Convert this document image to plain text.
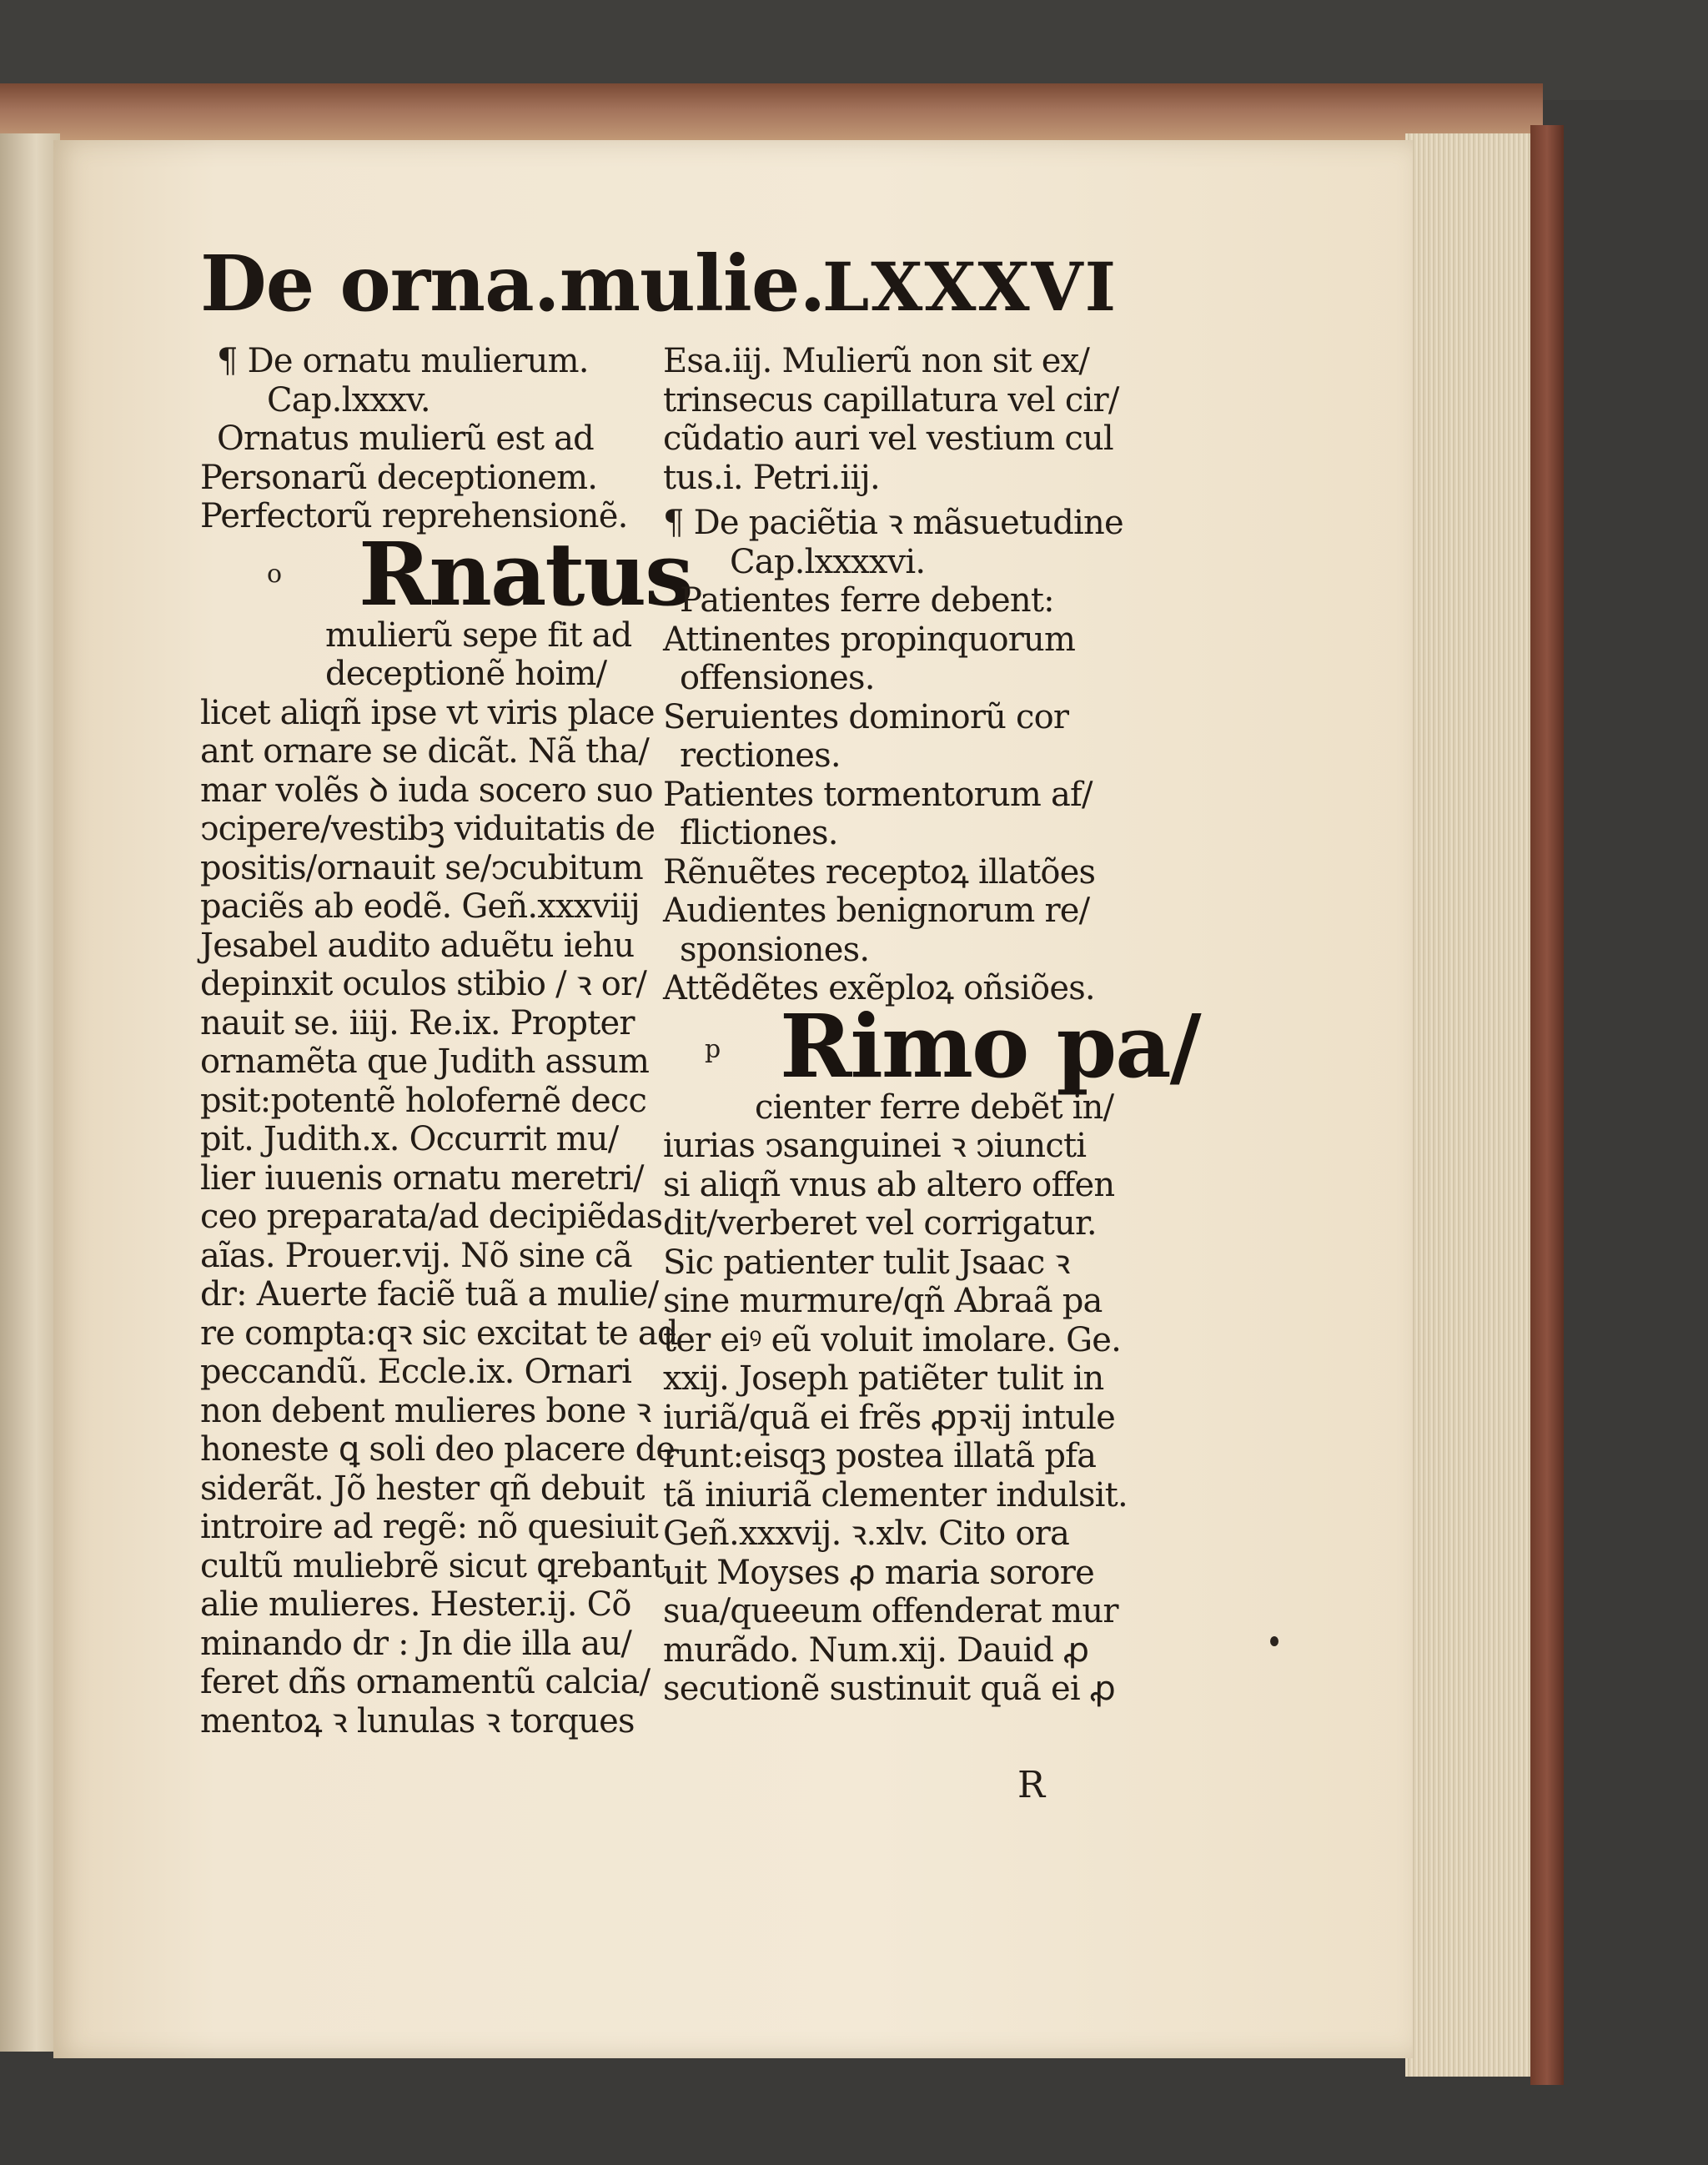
De orna.mulie.
LXXXVI
¶ De ornatu mulierum.
Cap.lxxxv.
Ornatus mulierũ est ad
Personarũ deceptionem.
Perfectorũ reprehensionẽ.
o Rnatus
mulierũ sepe fit ad
deceptionẽ hoim/
licet aliqñ ipse vt viris place
ant ornare se dicãt. Nã tha/
mar volẽs ꝺ iuda socero suo
ↄcipere/vestibꝫ viduitatis de
positis/ornauit se/ↄcubitum
paciẽs ab eodẽ. Geñ.xxxviij
Jesabel audito aduẽtu iehu
depinxit oculos stibio / ꝛ or/
nauit se. iiij. Re.ix. Propter
ornamẽta que Judith assum
psit:potentẽ holofernẽ decc
pit. Judith.x. Occurrit mu/
lier iuuenis ornatu meretri/
ceo preparata/ad decipiẽdas
aĩas. Prouer.vij. Nõ sine cã
dr: Auerte faciẽ tuã a mulie/
re compta:qꝛ sic excitat te ad
peccandũ. Eccle.ix. Ornari
non debent mulieres bone ꝛ
honeste ꝗ soli deo placere de
siderãt. Jõ hester qñ debuit
introire ad regẽ: nõ quesiuit
cultũ muliebrẽ sicut ꝗrebant
alie mulieres. Hester.ij. Cõ
minando dr : Jn die illa au/
feret dñs ornamentũ calcia/
mentoꝝ ꝛ lunulas ꝛ torques
Esa.iij. Mulierũ non sit ex/
trinsecus capillatura vel cir/
cũdatio auri vel vestium cul
tus.i. Petri.iij.
¶ De paciẽtia ꝛ mãsuetudine
Cap.lxxxxvi.
Patientes ferre debent:
Attinentes propinquorum
offensiones.
Seruientes dominorũ cor
rectiones.
Patientes tormentorum af/
flictiones.
Rẽnuẽtes receptoꝝ illatões
Audientes benignorum re/
sponsiones.
Attẽdẽtes exẽploꝝ oñsiões.
p Rimo pa/
cienter ferre debẽt in/
iurias ↄsanguinei ꝛ ↄiuncti
si aliqñ vnus ab altero offen
dit/verberet vel corrigatur.
Sic patienter tulit Jsaac ꝛ
sine murmure/qñ Abraã pa
ter eiꝰ eũ voluit imolare. Ge.
xxij. Joseph patiẽter tulit in
iuriã/quã ei frẽs ꝓpꝛij intule
runt:eisqꝫ postea illatã pfa
tã iniuriã clementer indulsit.
Geñ.xxxvij. ꝛ.xlv. Cito ora
uit Moyses ꝓ maria sorore
sua/queeum offenderat mur
murãdo. Num.xij. Dauid ꝓ
secutionẽ sustinuit quã ei ꝓ
R
